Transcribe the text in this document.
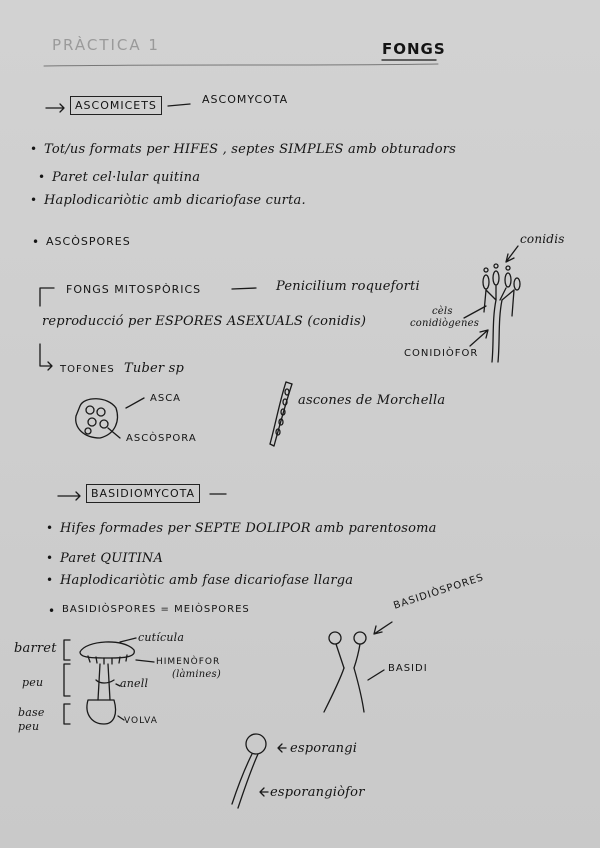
PRÀCTICA 1	FONGS
ASCOMICETS	ASCOMYCOTA
• Tot/us formats per HIFES , septes SIMPLES amb obturadors
• Paret cel·lular quitina
• Haplodicariòtic amb dicariofase curta.
• ASCÒSPORES
FONGS MITOSPÒRICS	Penicilium roqueforti
reproducció per ESPORES ASEXUALS (conidis)
conidis
cèls
conidiògenes
CONIDIÒFOR
TOFONES Tuber sp
ASCA
ASCÒSPORA
ascones de Morchella
BASIDIOMYCOTA
• Hifes formades per SEPTE DOLIPOR amb parentosoma
• Paret QUITINA
• Haplodicariòtic amb fase dicariofase llarga
• BASIDIÒSPORES = MEIÒSPORES
barret
peu
base
peu
cutícula
HIMENÒFOR
(làmines)
anell
VOLVA
BASIDIÒSPORES
BASIDI
esporangi
esporangiòfor
